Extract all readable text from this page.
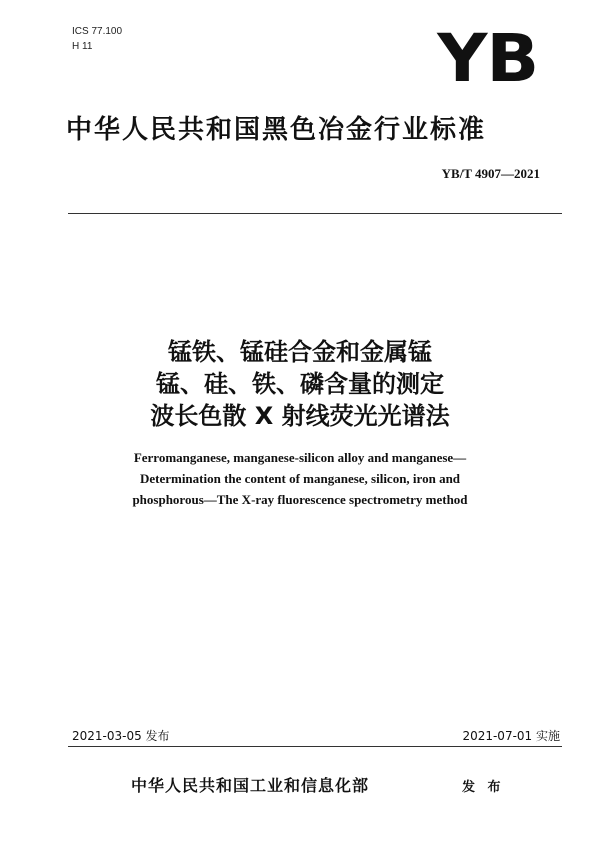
ICS 77.100
H 11	YB
中华人民共和国黑色冶金行业标准
YB/T 4907—2021
锰铁、锰硅合金和金属锰
锰、硅、铁、磷含量的测定
波长色散 X 射线荧光光谱法
Ferromanganese, manganese-silicon alloy and manganese—
Determination the content of manganese, silicon, iron and
phosphorous—The X-ray fluorescence spectrometry method
2021-03-05 发布	2021-07-01 实施
中华人民共和国工业和信息化部	发 布
